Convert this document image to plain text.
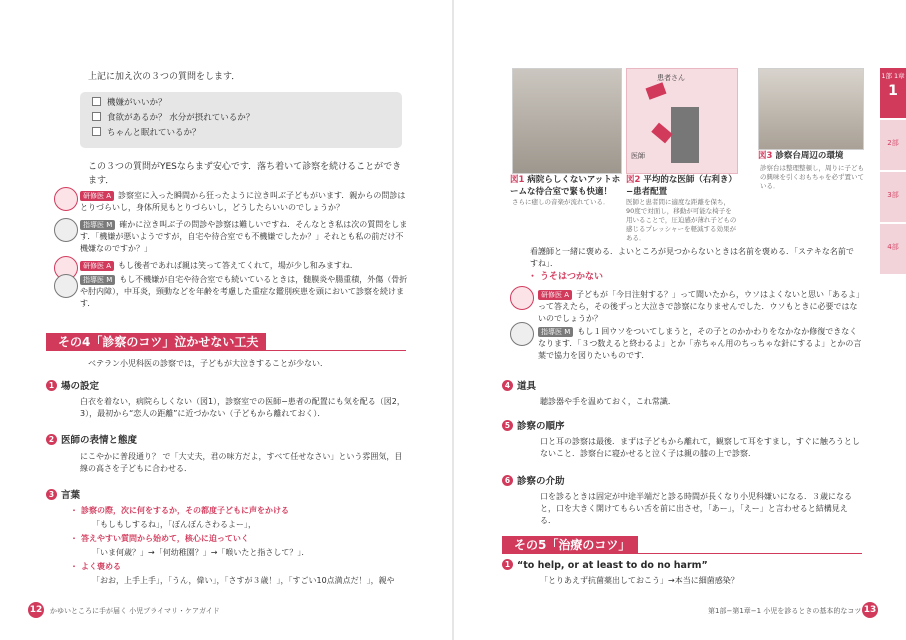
上記に加え次の３つの質問をします．
機嫌がいいか？
食欲があるか？ 水分が摂れているか？
ちゃんと眠れているか？
この３つの質問がYESならまず安心です．落ち着いて診察を続けることができます．
研修医 A 診察室に入った瞬間から狂ったように泣き叫ぶ子どもがいます．親からの問診はとりづらいし，身体所見もとりづらいし，どうしたらいいのでしょうか？
指導医 M 確かに泣き叫ぶ子の問診や診察は難しいですね．そんなとき私は次の質問をします．「機嫌が悪いようですが，自宅や待合室でも不機嫌でしたか？」それとも私の前だけ不機嫌なのですか？」
研修医 A もし後者であれば親は笑って答えてくれて，場が少し和みますね．
指導医 M もし不機嫌が自宅や待合室でも続いているときは，髄膜炎や腸重積，外傷（骨折や肘内障），中耳炎，頸動などを年齢を考慮した重症な鑑別疾患を頭において診察を続けます．
その4「診察のコツ」泣かせない工夫
ベテラン小児科医の診察では，子どもが大泣きすることが少ない．
1 場の設定
白衣を着ない，病院らしくない（図1），診察室での医師−患者の配置にも気を配る（図2，3），最初から“恋人の距離”に近づかない（子どもから離れておく）．
2 医師の表情と態度
にこやかに普段通り？ で「大丈夫，君の味方だよ，すべて任せなさい」という雰囲気，目線の高さを子どもに合わせる．
3 言葉
・ 診察の際，次に何をするか，その都度子どもに声をかける
「もしもしするね」，「ぽんぽんさわるよー」，
・ 答えやすい質問から始めて，核心に迫っていく
「いま何歳？」→「何幼稚園？」→「喉いたと指さして？」．
・ よく褒める
「おお，上手上手」，「うん，偉い」，「さすが３歳！」，「すごい10点満点だ！」，親や
12 かゆいところに手が届く 小児プライマリ・ケアガイド
患者さん
医師
図1 病院らしくないアットホームな待合室で緊も快適！
さらに癒しの音楽が流れている．
図2 平均的な医師（右利き）−患者配置
医師と患者間に適度な距離を保ち，90度で対面し，移動が可能な椅子を用いることで，圧迫感が薄れ子どもの感じるプレッシャーを軽減する効果がある．
図3 診察台周辺の環境
診察台は整理整頓し，周りに子どもの興味を引くおもちゃを必ず置いている．
看護師と一緒に褒める．よいところが見つからないときは名前を褒める．「ステキな名前ですね」．
・ うそはつかない
研修医 A 子どもが「今日注射する？」って聞いたから，ウソはよくないと思い「あるよ」って答えたら，その後ずっと大泣きで診察になりませんでした．ウソもときに必要ではないのでしょうか？
指導医 M もし１回ウソをついてしまうと，その子とのかかわりをなかなか修復できなくなります．「３つ数えると終わるよ」とか「赤ちゃん用のちっちゃな針にするよ」とかの言葉で協力を図りたいものです．
4 道具
聴診器や手を温めておく，これ常識．
5 診察の順序
口と耳の診察は最後．まずは子どもから離れて，観察して耳をすまし，すぐに触ろうとしないこと．診察台に寝かせると泣く子は親の膝の上で診察．
6 診察の介助
口を診るときは固定が中途半端だと診る時間が長くなり小児科嫌いになる．３歳になると，口を大きく開けてもらい舌を前に出させ，「あー」，「えー」と言わせると結構見える．
その5「治療のコツ」
1 “to help, or at least to do no harm”
「とりあえず抗菌薬出しておこう」→本当に細菌感染？
第1部−第1章−1 小児を診るときの基本的なコツ 13
1部 1章
1
2部
3部
4部
